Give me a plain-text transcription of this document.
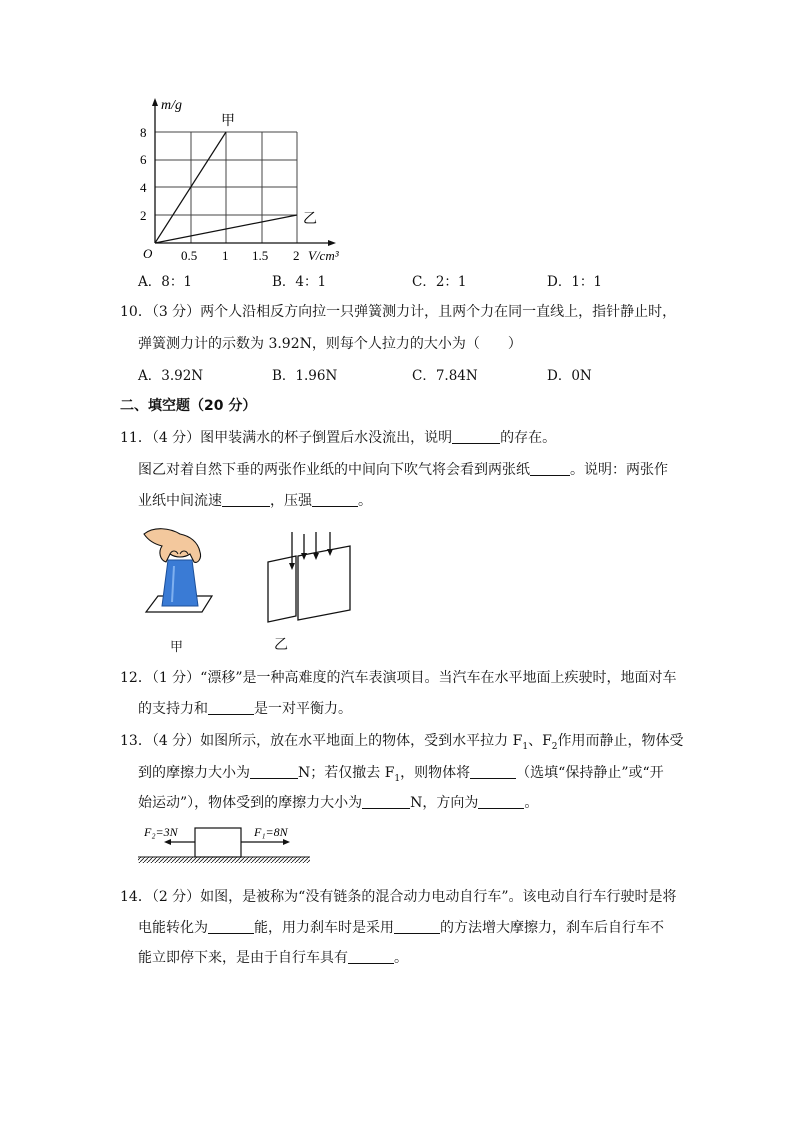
m/g
8
6
4
2
O 0.5 1 1.5 2 V/cm³
甲
乙
A．8：1	B．4：1	C．2：1	D．1：1
10．（3 分）两个人沿相反方向拉一只弹簧测力计，且两个力在同一直线上，指针静止时，
弹簧测力计的示数为 3.92N，则每个人拉力的大小为（　　）
A．3.92N	B．1.96N	C．7.84N	D．0N
二、填空题（20 分）
11．（4 分）图甲装满水的杯子倒置后水没流出，说明	的存在。
图乙对着自然下垂的两张作业纸的中间向下吹气将会看到两张纸	。说明：两张作
业纸中间流速	，压强	。
甲	乙
12．（1 分）“漂移”是一种高难度的汽车表演项目。当汽车在水平地面上疾驶时，地面对车
的支持力和	是一对平衡力。
13．（4 分）如图所示，放在水平地面上的物体，受到水平拉力 $F_1$、$F_2$作用而静止，物体受
到的摩擦力大小为	N；若仅撤去 $F_1$，则物体将	（选填“保持静止”或“开
始运动”），物体受到的摩擦力大小为	N，方向为	。
F₂=3N	F₁=8N
14．（2 分）如图，是被称为“没有链条的混合动力电动自行车”。该电动自行车行驶时是将
电能转化为	能，用力刹车时是采用	的方法增大摩擦力，刹车后自行车不
能立即停下来，是由于自行车具有	。
